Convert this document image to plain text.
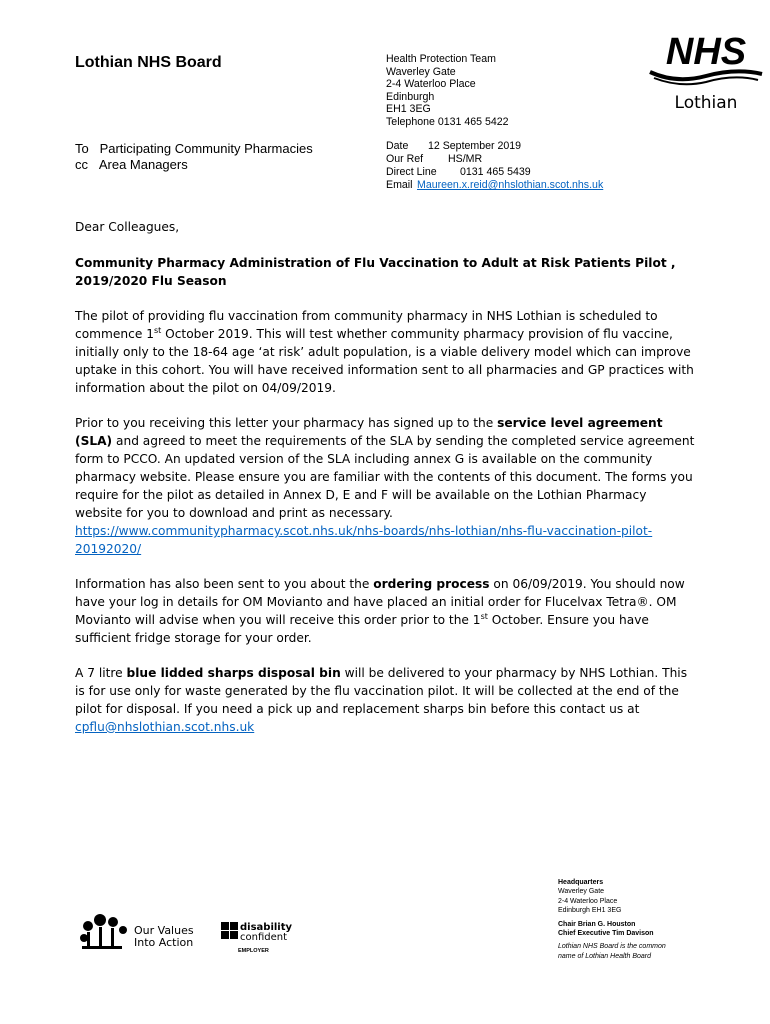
Lothian NHS Board	Health Protection Team
Waverley Gate
2-4 Waterloo Place
Edinburgh
EH1 3EG
Telephone 0131 465 5422
NHS
Lothian
To Participating Community Pharmacies
cc Area Managers
Date 12 September 2019
Our Ref HS/MR
Direct Line 0131 465 5439
Email Maureen.x.reid@nhslothian.scot.nhs.uk
Dear Colleagues,
Community Pharmacy Administration of Flu Vaccination to Adult at Risk Patients Pilot ,
2019/2020 Flu Season

The pilot of providing flu vaccination from community pharmacy in NHS Lothian is scheduled to commence 1st October 2019. This will test whether community pharmacy provision of flu vaccine, initially only to the 18-64 age ‘at risk’ adult population, is a viable delivery model which can improve uptake in this cohort. You will have received information sent to all pharmacies and GP practices with information about the pilot on 04/09/2019.

Prior to you receiving this letter your pharmacy has signed up to the service level agreement (SLA) and agreed to meet the requirements of the SLA by sending the completed service agreement form to PCCO. An updated version of the SLA including annex G is available on the community pharmacy website. Please ensure you are familiar with the contents of this document. The forms you require for the pilot as detailed in Annex D, E and F will be available on the Lothian Pharmacy website for you to download and print as necessary. https://www.communitypharmacy.scot.nhs.uk/nhs-boards/nhs-lothian/nhs-flu-vaccination-pilot-20192020/

Information has also been sent to you about the ordering process on 06/09/2019. You should now have your log in details for OM Movianto and have placed an initial order for Flucelvax Tetra®. OM Movianto will advise when you will receive this order prior to the 1st October. Ensure you have sufficient fridge storage for your order.

A 7 litre blue lidded sharps disposal bin will be delivered to your pharmacy by NHS Lothian. This is for use only for waste generated by the flu vaccination pilot. It will be collected at the end of the pilot for disposal. If you need a pick up and replacement sharps bin before this contact us at cpflu@nhslothian.scot.nhs.uk

Our Values
Into Action
disability
confident
EMPLOYER
Headquarters
Waverley Gate
2-4 Waterloo Place
Edinburgh EH1 3EG
Chair Brian G. Houston
Chief Executive Tim Davison
Lothian NHS Board is the common
name of Lothian Health Board
